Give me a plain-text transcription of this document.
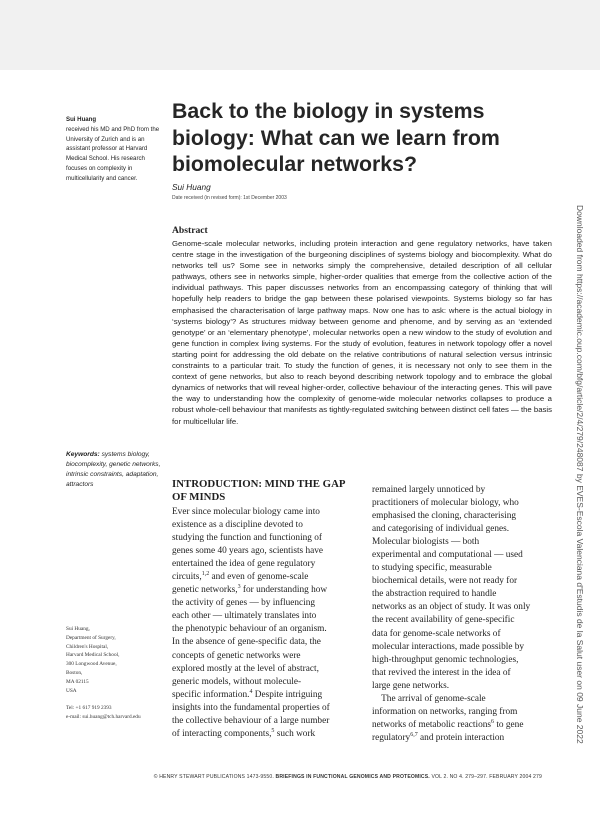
Sui Huang
received his MD and PhD from the University of Zurich and is an assistant professor at Harvard Medical School. His research focuses on complexity in multicellularity and cancer.
Back to the biology in systems biology: What can we learn from biomolecular networks?
Sui Huang
Date received (in revised form): 1st December 2003
Abstract

Genome-scale molecular networks, including protein interaction and gene regulatory networks, have taken centre stage in the investigation of the burgeoning disciplines of systems biology and biocomplexity. What do networks tell us? Some see in networks simply the comprehensive, detailed description of all cellular pathways, others see in networks simple, higher-order qualities that emerge from the collective action of the individual pathways. This paper discusses networks from an encompassing category of thinking that will hopefully help readers to bridge the gap between these polarised viewpoints. Systems biology so far has emphasised the characterisation of large pathway maps. Now one has to ask: where is the actual biology in ‘systems biology’? As structures midway between genome and phenome, and by serving as an ‘extended genotype’ or an ‘elementary phenotype’, molecular networks open a new window to the study of evolution and gene function in complex living systems. For the study of evolution, features in network topology offer a novel starting point for addressing the old debate on the relative contributions of natural selection versus intrinsic constraints to a particular trait. To study the function of genes, it is necessary not only to see them in the context of gene networks, but also to reach beyond describing network topology and to embrace the global dynamics of networks that will reveal higher-order, collective behaviour of the interacting genes. This will pave the way to understanding how the complexity of genome-wide molecular networks collapses to produce a robust whole-cell behaviour that manifests as tightly-regulated switching between distinct cell fates — the basis for multicellular life.

Keywords: systems biology, biocomplexity, genetic networks, intrinsic constraints, adaptation, attractors	INTRODUCTION: MIND THE GAP OF MINDS
Ever since molecular biology came into
existence as a discipline devoted to
studying the function and functioning of
genes some 40 years ago, scientists have
entertained the idea of gene regulatory
circuits,$^{1,2}$ and even of genome-scale
genetic networks,$^3$ for understanding how
the activity of genes — by influencing
each other — ultimately translates into
the phenotypic behaviour of an organism.
In the absence of gene-specific data, the
concepts of genetic networks were
explored mostly at the level of abstract,
generic models, without molecule-
specific information.$^4$ Despite intriguing
insights into the fundamental properties of
the collective behaviour of a large number
of interacting components,$^5$ such work
remained largely unnoticed by
practitioners of molecular biology, who
emphasised the cloning, characterising
and categorising of individual genes.
Molecular biologists — both
experimental and computational — used
to studying specific, measurable
biochemical details, were not ready for
the abstraction required to handle
networks as an object of study. It was only
the recent availability of gene-specific
data for genome-scale networks of
molecular interactions, made possible by
high-throughput genomic technologies,
that revived the interest in the idea of
large gene networks.
The arrival of genome-scale
information on networks, ranging from
networks of metabolic reactions$^6$ to gene
regulatory$^{6,7}$ and protein interaction
Sui Huang,
Department of Surgery,
Children's Hospital,
Harvard Medical School,
300 Longwood Avenue,
Boston,
MA 02115
USA
Tel: +1 617 919 2393
e-mail: sui.huang@tch.harvard.edu
© HENRY STEWART PUBLICATIONS 1473-9550. BRIEFINGS IN FUNCTIONAL GENOMICS AND PROTEOMICS. VOL 2. NO 4. 279–297. FEBRUARY 2004 279
Downloaded from https://academic.oup.com/bfg/article/2/4/279/248087 by EVES-Escola Valenciana d'Estudis de la Salut user on 09 June 2022
